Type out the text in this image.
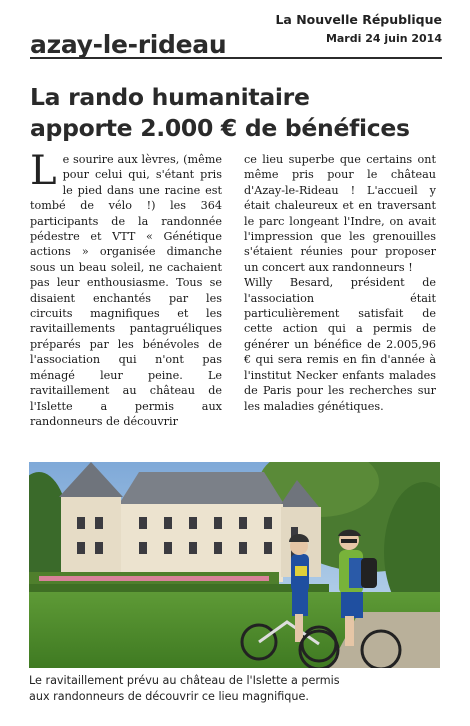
azay-le-rideau
La Nouvelle République
Mardi 24 juin 2014
La rando humanitaire
apporte 2.000 € de bénéfices

Le sourire aux lèvres, (même pour celui qui, s'étant pris le pied dans une racine est tombé de vélo !) les 364 participants de la randonnée pédestre et VTT « Génétique actions » organisée dimanche sous un beau soleil, ne cachaient pas leur enthousiasme. Tous se disaient enchantés par les circuits magnifiques et les ravitaillements pantagruéliques préparés par les bénévoles de l'association qui n'ont pas ménagé leur peine. Le ravitaillement au château de l'Islette a permis aux randonneurs de découvrir

ce lieu superbe que certains ont même pris pour le château d'Azay-le-Rideau ! L'accueil y était chaleureux et en traversant le parc longeant l'Indre, on avait l'impression que les grenouilles s'étaient réunies pour proposer un concert aux randonneurs !

Willy Besard, président de l'association était particulièrement satisfait de cette action qui a permis de générer un bénéfice de 2.005,96 € qui sera remis en fin d'année à l'institut Necker enfants malades de Paris pour les recherches sur les maladies génétiques.

Le ravitaillement prévu au château de l'Islette a permis
aux randonneurs de découvrir ce lieu magnifique.
